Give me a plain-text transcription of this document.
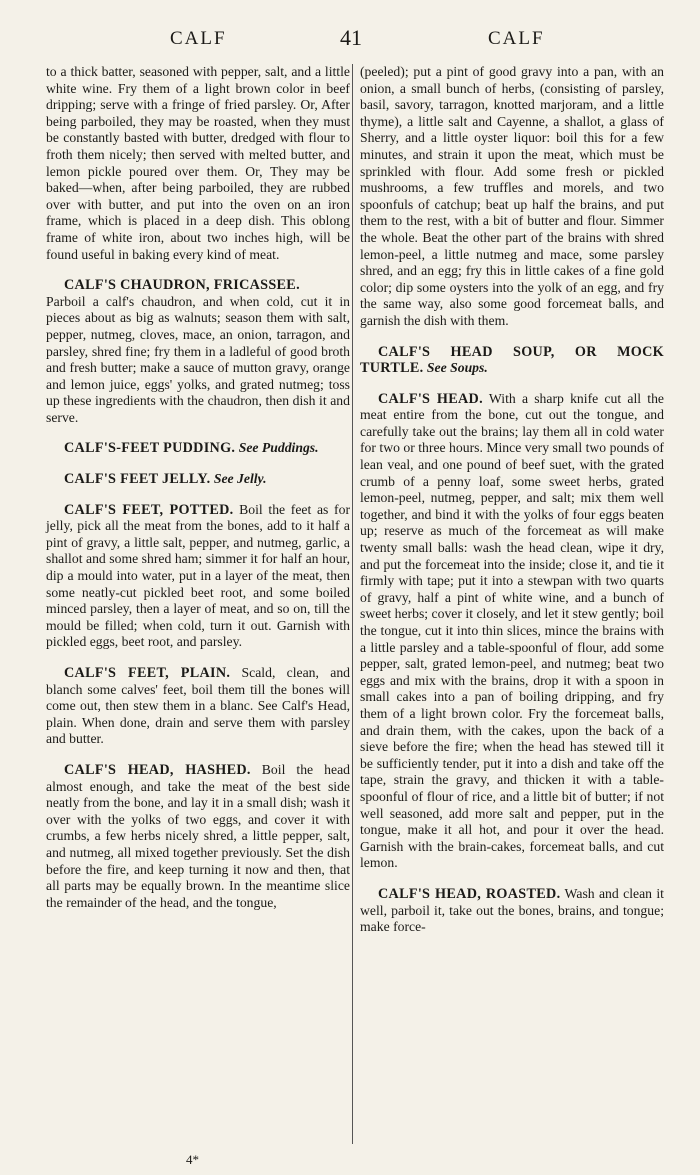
CALF	41	CALF

to a thick batter, seasoned with pepper, salt, and a little white wine. Fry them of a light brown color in beef dripping; serve with a fringe of fried parsley. Or, After being parboiled, they may be roasted, when they must be constantly basted with butter, dredged with flour to froth them nicely; then served with melted butter, and lemon pickle poured over them. Or, They may be baked—when, after being parboiled, they are rubbed over with butter, and put into the oven on an iron frame, which is placed in a deep dish. This oblong frame of white iron, about two inches high, will be found useful in baking every kind of meat.

CALF'S CHAUDRON, FRICASSEE.

Parboil a calf's chaudron, and when cold, cut it in pieces about as big as walnuts; season them with salt, pepper, nutmeg, cloves, mace, an onion, tarragon, and parsley, shred fine; fry them in a ladleful of good broth and fresh butter; make a sauce of mutton gravy, orange and lemon juice, eggs' yolks, and grated nutmeg; toss up these ingredients with the chaudron, then dish it and serve.

CALF'S-FEET PUDDING. See Puddings.

CALF'S FEET JELLY. See Jelly.

CALF'S FEET, POTTED. Boil the feet as for jelly, pick all the meat from the bones, add to it half a pint of gravy, a little salt, pepper, and nutmeg, garlic, a shallot and some shred ham; simmer it for half an hour, dip a mould into water, put in a layer of the meat, then some neatly-cut pickled beet root, and some boiled minced parsley, then a layer of meat, and so on, till the mould be filled; when cold, turn it out. Garnish with pickled eggs, beet root, and parsley.

CALF'S FEET, PLAIN. Scald, clean, and blanch some calves' feet, boil them till the bones will come out, then stew them in a blanc. See Calf's Head, plain. When done, drain and serve them with parsley and butter.

CALF'S HEAD, HASHED. Boil the head almost enough, and take the meat of the best side neatly from the bone, and lay it in a small dish; wash it over with the yolks of two eggs, and cover it with crumbs, a few herbs nicely shred, a little pepper, salt, and nutmeg, all mixed together previously. Set the dish before the fire, and keep turning it now and then, that all parts may be equally brown. In the meantime slice the remainder of the head, and the tongue,

(peeled); put a pint of good gravy into a pan, with an onion, a small bunch of herbs, (consisting of parsley, basil, savory, tarragon, knotted marjoram, and a little thyme), a little salt and Cayenne, a shallot, a glass of Sherry, and a little oyster liquor: boil this for a few minutes, and strain it upon the meat, which must be sprinkled with flour. Add some fresh or pickled mushrooms, a few truffles and morels, and two spoonfuls of catchup; beat up half the brains, and put them to the rest, with a bit of butter and flour. Simmer the whole. Beat the other part of the brains with shred lemon-peel, a little nutmeg and mace, some parsley shred, and an egg; fry this in little cakes of a fine gold color; dip some oysters into the yolk of an egg, and fry the same way, also some good forcemeat balls, and garnish the dish with them.

CALF'S HEAD SOUP, OR MOCK TURTLE. See Soups.

CALF'S HEAD. With a sharp knife cut all the meat entire from the bone, cut out the tongue, and carefully take out the brains; lay them all in cold water for two or three hours. Mince very small two pounds of lean veal, and one pound of beef suet, with the grated crumb of a penny loaf, some sweet herbs, grated lemon-peel, nutmeg, pepper, and salt; mix them well together, and bind it with the yolks of four eggs beaten up; reserve as much of the forcemeat as will make twenty small balls: wash the head clean, wipe it dry, and put the forcemeat into the inside; close it, and tie it firmly with tape; put it into a stewpan with two quarts of gravy, half a pint of white wine, and a bunch of sweet herbs; cover it closely, and let it stew gently; boil the tongue, cut it into thin slices, mince the brains with a little parsley and a table-spoonful of flour, add some pepper, salt, grated lemon-peel, and nutmeg; beat two eggs and mix with the brains, drop it with a spoon in small cakes into a pan of boiling dripping, and fry them of a light brown color. Fry the forcemeat balls, and drain them, with the cakes, upon the back of a sieve before the fire; when the head has stewed till it be sufficiently tender, put it into a dish and take off the tape, strain the gravy, and thicken it with a table-spoonful of flour of rice, and a little bit of butter; if not well seasoned, add more salt and pepper, put in the tongue, make it all hot, and pour it over the head. Garnish with the brain-cakes, forcemeat balls, and cut lemon.

CALF'S HEAD, ROASTED. Wash and clean it well, parboil it, take out the bones, brains, and tongue; make force-

4*
